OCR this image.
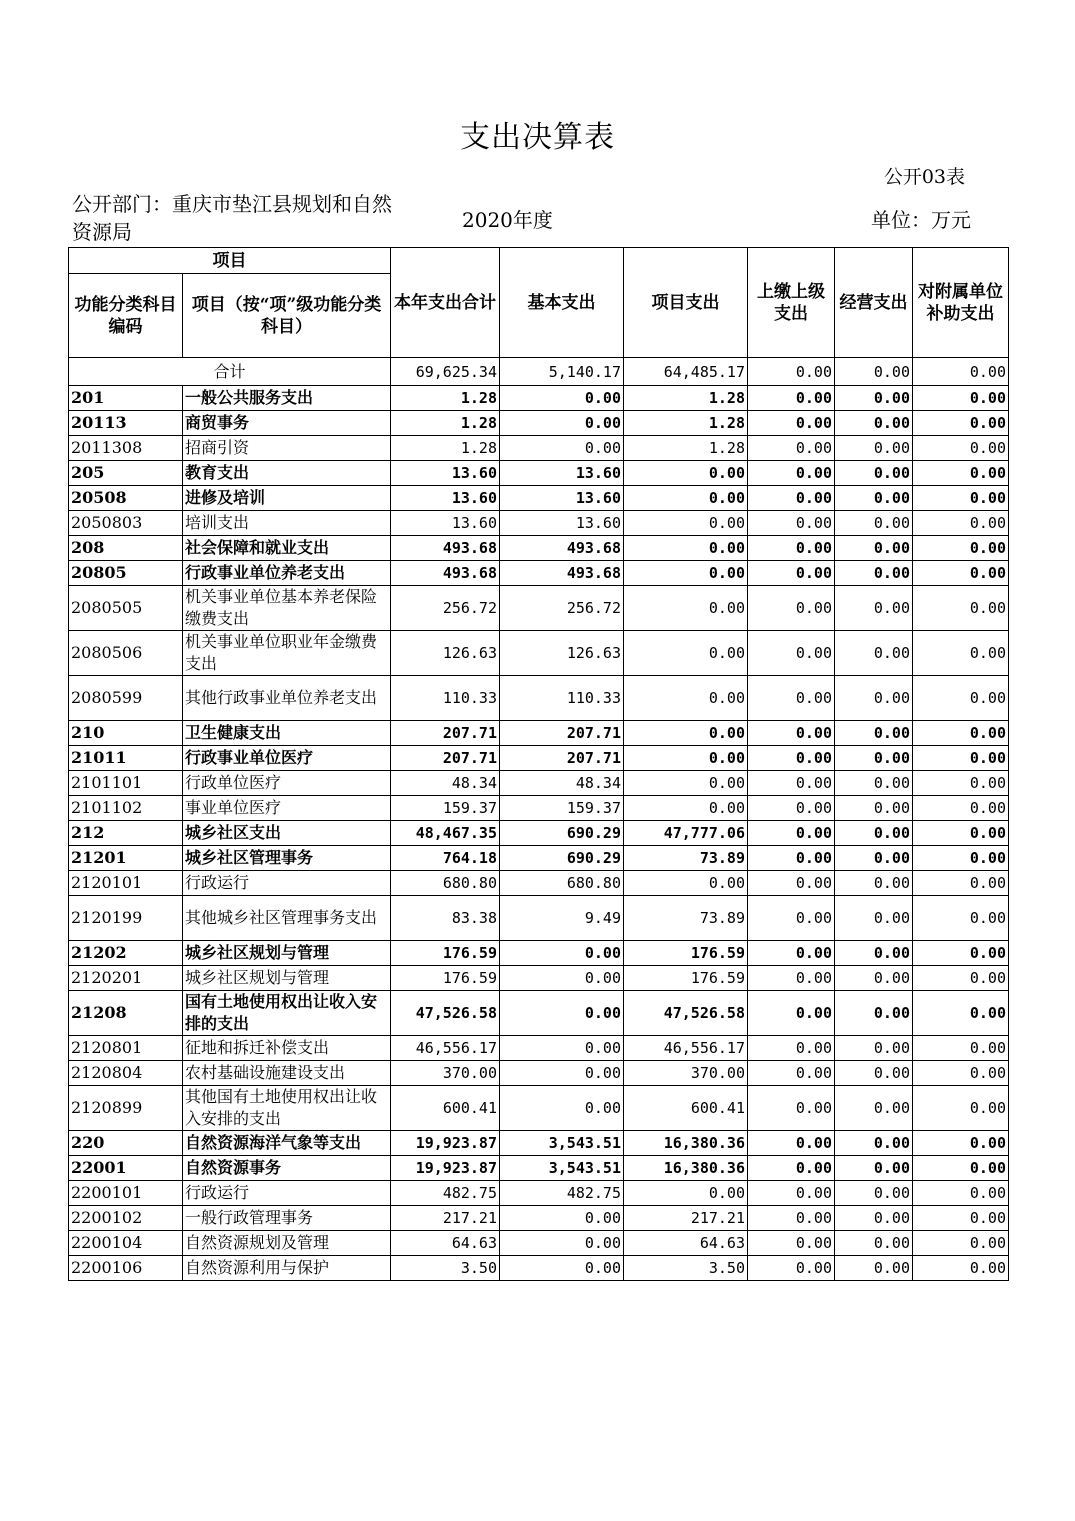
支出决算表
公开03表
公开部门：重庆市垫江县规划和自然资源局	2020年度	单位：万元
项目		本年支出合计	基本支出	项目支出	上缴上级支出	经营支出	对附属单位补助支出
功能分类科目编码	项目（按“项”级功能分类科目）						
合计		69,625.34	5,140.17	64,485.17	0.00	0.00	0.00
201	一般公共服务支出	1.28	0.00	1.28	0.00	0.00	0.00
20113	商贸事务	1.28	0.00	1.28	0.00	0.00	0.00
2011308	招商引资	1.28	0.00	1.28	0.00	0.00	0.00
205	教育支出	13.60	13.60	0.00	0.00	0.00	0.00
20508	进修及培训	13.60	13.60	0.00	0.00	0.00	0.00
2050803	培训支出	13.60	13.60	0.00	0.00	0.00	0.00
208	社会保障和就业支出	493.68	493.68	0.00	0.00	0.00	0.00
20805	行政事业单位养老支出	493.68	493.68	0.00	0.00	0.00	0.00
2080505	机关事业单位基本养老保险缴费支出	256.72	256.72	0.00	0.00	0.00	0.00
2080506	机关事业单位职业年金缴费支出	126.63	126.63	0.00	0.00	0.00	0.00
2080599	其他行政事业单位养老支出	110.33	110.33	0.00	0.00	0.00	0.00
210	卫生健康支出	207.71	207.71	0.00	0.00	0.00	0.00
21011	行政事业单位医疗	207.71	207.71	0.00	0.00	0.00	0.00
2101101	行政单位医疗	48.34	48.34	0.00	0.00	0.00	0.00
2101102	事业单位医疗	159.37	159.37	0.00	0.00	0.00	0.00
212	城乡社区支出	48,467.35	690.29	47,777.06	0.00	0.00	0.00
21201	城乡社区管理事务	764.18	690.29	73.89	0.00	0.00	0.00
2120101	行政运行	680.80	680.80	0.00	0.00	0.00	0.00
2120199	其他城乡社区管理事务支出	83.38	9.49	73.89	0.00	0.00	0.00
21202	城乡社区规划与管理	176.59	0.00	176.59	0.00	0.00	0.00
2120201	城乡社区规划与管理	176.59	0.00	176.59	0.00	0.00	0.00
21208	国有土地使用权出让收入安排的支出	47,526.58	0.00	47,526.58	0.00	0.00	0.00
2120801	征地和拆迁补偿支出	46,556.17	0.00	46,556.17	0.00	0.00	0.00
2120804	农村基础设施建设支出	370.00	0.00	370.00	0.00	0.00	0.00
2120899	其他国有土地使用权出让收入安排的支出	600.41	0.00	600.41	0.00	0.00	0.00
220	自然资源海洋气象等支出	19,923.87	3,543.51	16,380.36	0.00	0.00	0.00
22001	自然资源事务	19,923.87	3,543.51	16,380.36	0.00	0.00	0.00
2200101	行政运行	482.75	482.75	0.00	0.00	0.00	0.00
2200102	一般行政管理事务	217.21	0.00	217.21	0.00	0.00	0.00
2200104	自然资源规划及管理	64.63	0.00	64.63	0.00	0.00	0.00
2200106	自然资源利用与保护	3.50	0.00	3.50	0.00	0.00	0.00
